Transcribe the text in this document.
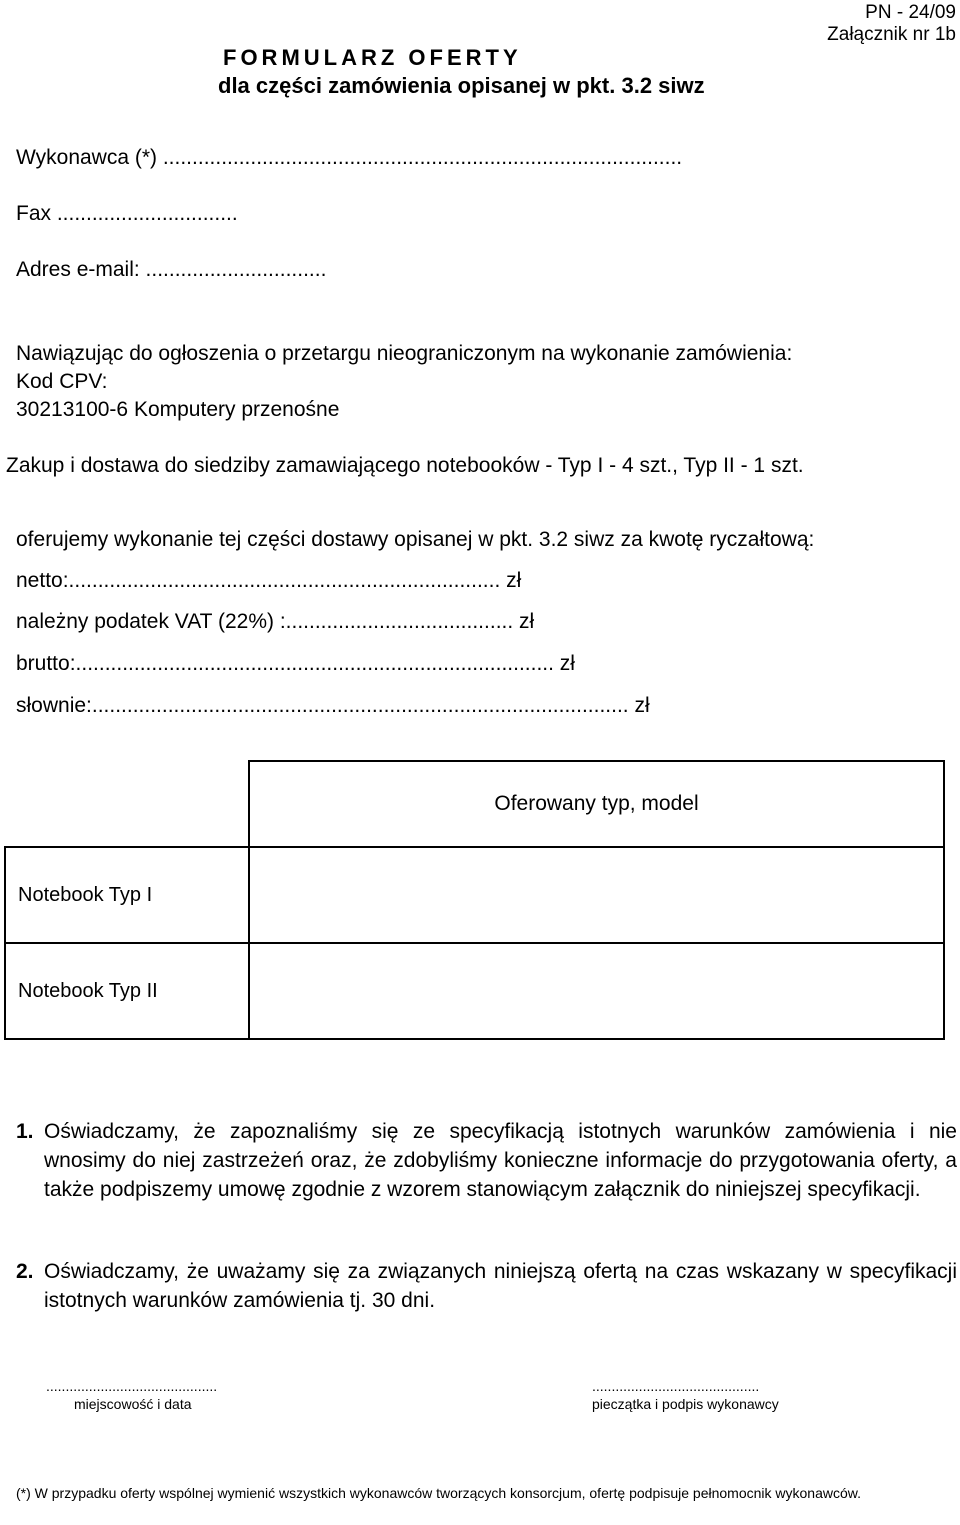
PN - 24/09
Załącznik nr 1b
FORMULARZ OFERTY
dla części zamówienia opisanej w pkt. 3.2 siwz
Wykonawca (*) .........................................................................................
Fax ...............................
Adres e-mail: ...............................
Nawiązując do ogłoszenia o przetargu nieograniczonym na wykonanie zamówienia:
Kod CPV:
30213100-6 Komputery przenośne
Zakup i dostawa do siedziby zamawiającego notebooków - Typ I - 4 szt., Typ II - 1 szt.
oferujemy wykonanie tej części dostawy opisanej w pkt. 3.2 siwz za kwotę ryczałtową:
netto:.......................................................................... zł
należny podatek VAT (22%) :....................................... zł
brutto:.................................................................................. zł
słownie:............................................................................................ zł
	Oferowany typ, model
Notebook Typ I	
Notebook Typ II	
1. Oświadczamy, że zapoznaliśmy się ze specyfikacją istotnych warunków zamówienia i nie wnosimy do niej zastrzeżeń oraz, że zdobyliśmy konieczne informacje do przygotowania oferty, a także podpiszemy umowę zgodnie z wzorem stanowiącym załącznik do niniejszej specyfikacji.
2. Oświadczamy, że uważamy się za związanych niniejszą ofertą na czas wskazany w specyfikacji istotnych warunków zamówienia tj. 30 dni.
............................................
miejscowość i data
...........................................
pieczątka i podpis wykonawcy
(*) W przypadku oferty wspólnej wymienić wszystkich wykonawców tworzących konsorcjum, ofertę podpisuje pełnomocnik wykonawców.
